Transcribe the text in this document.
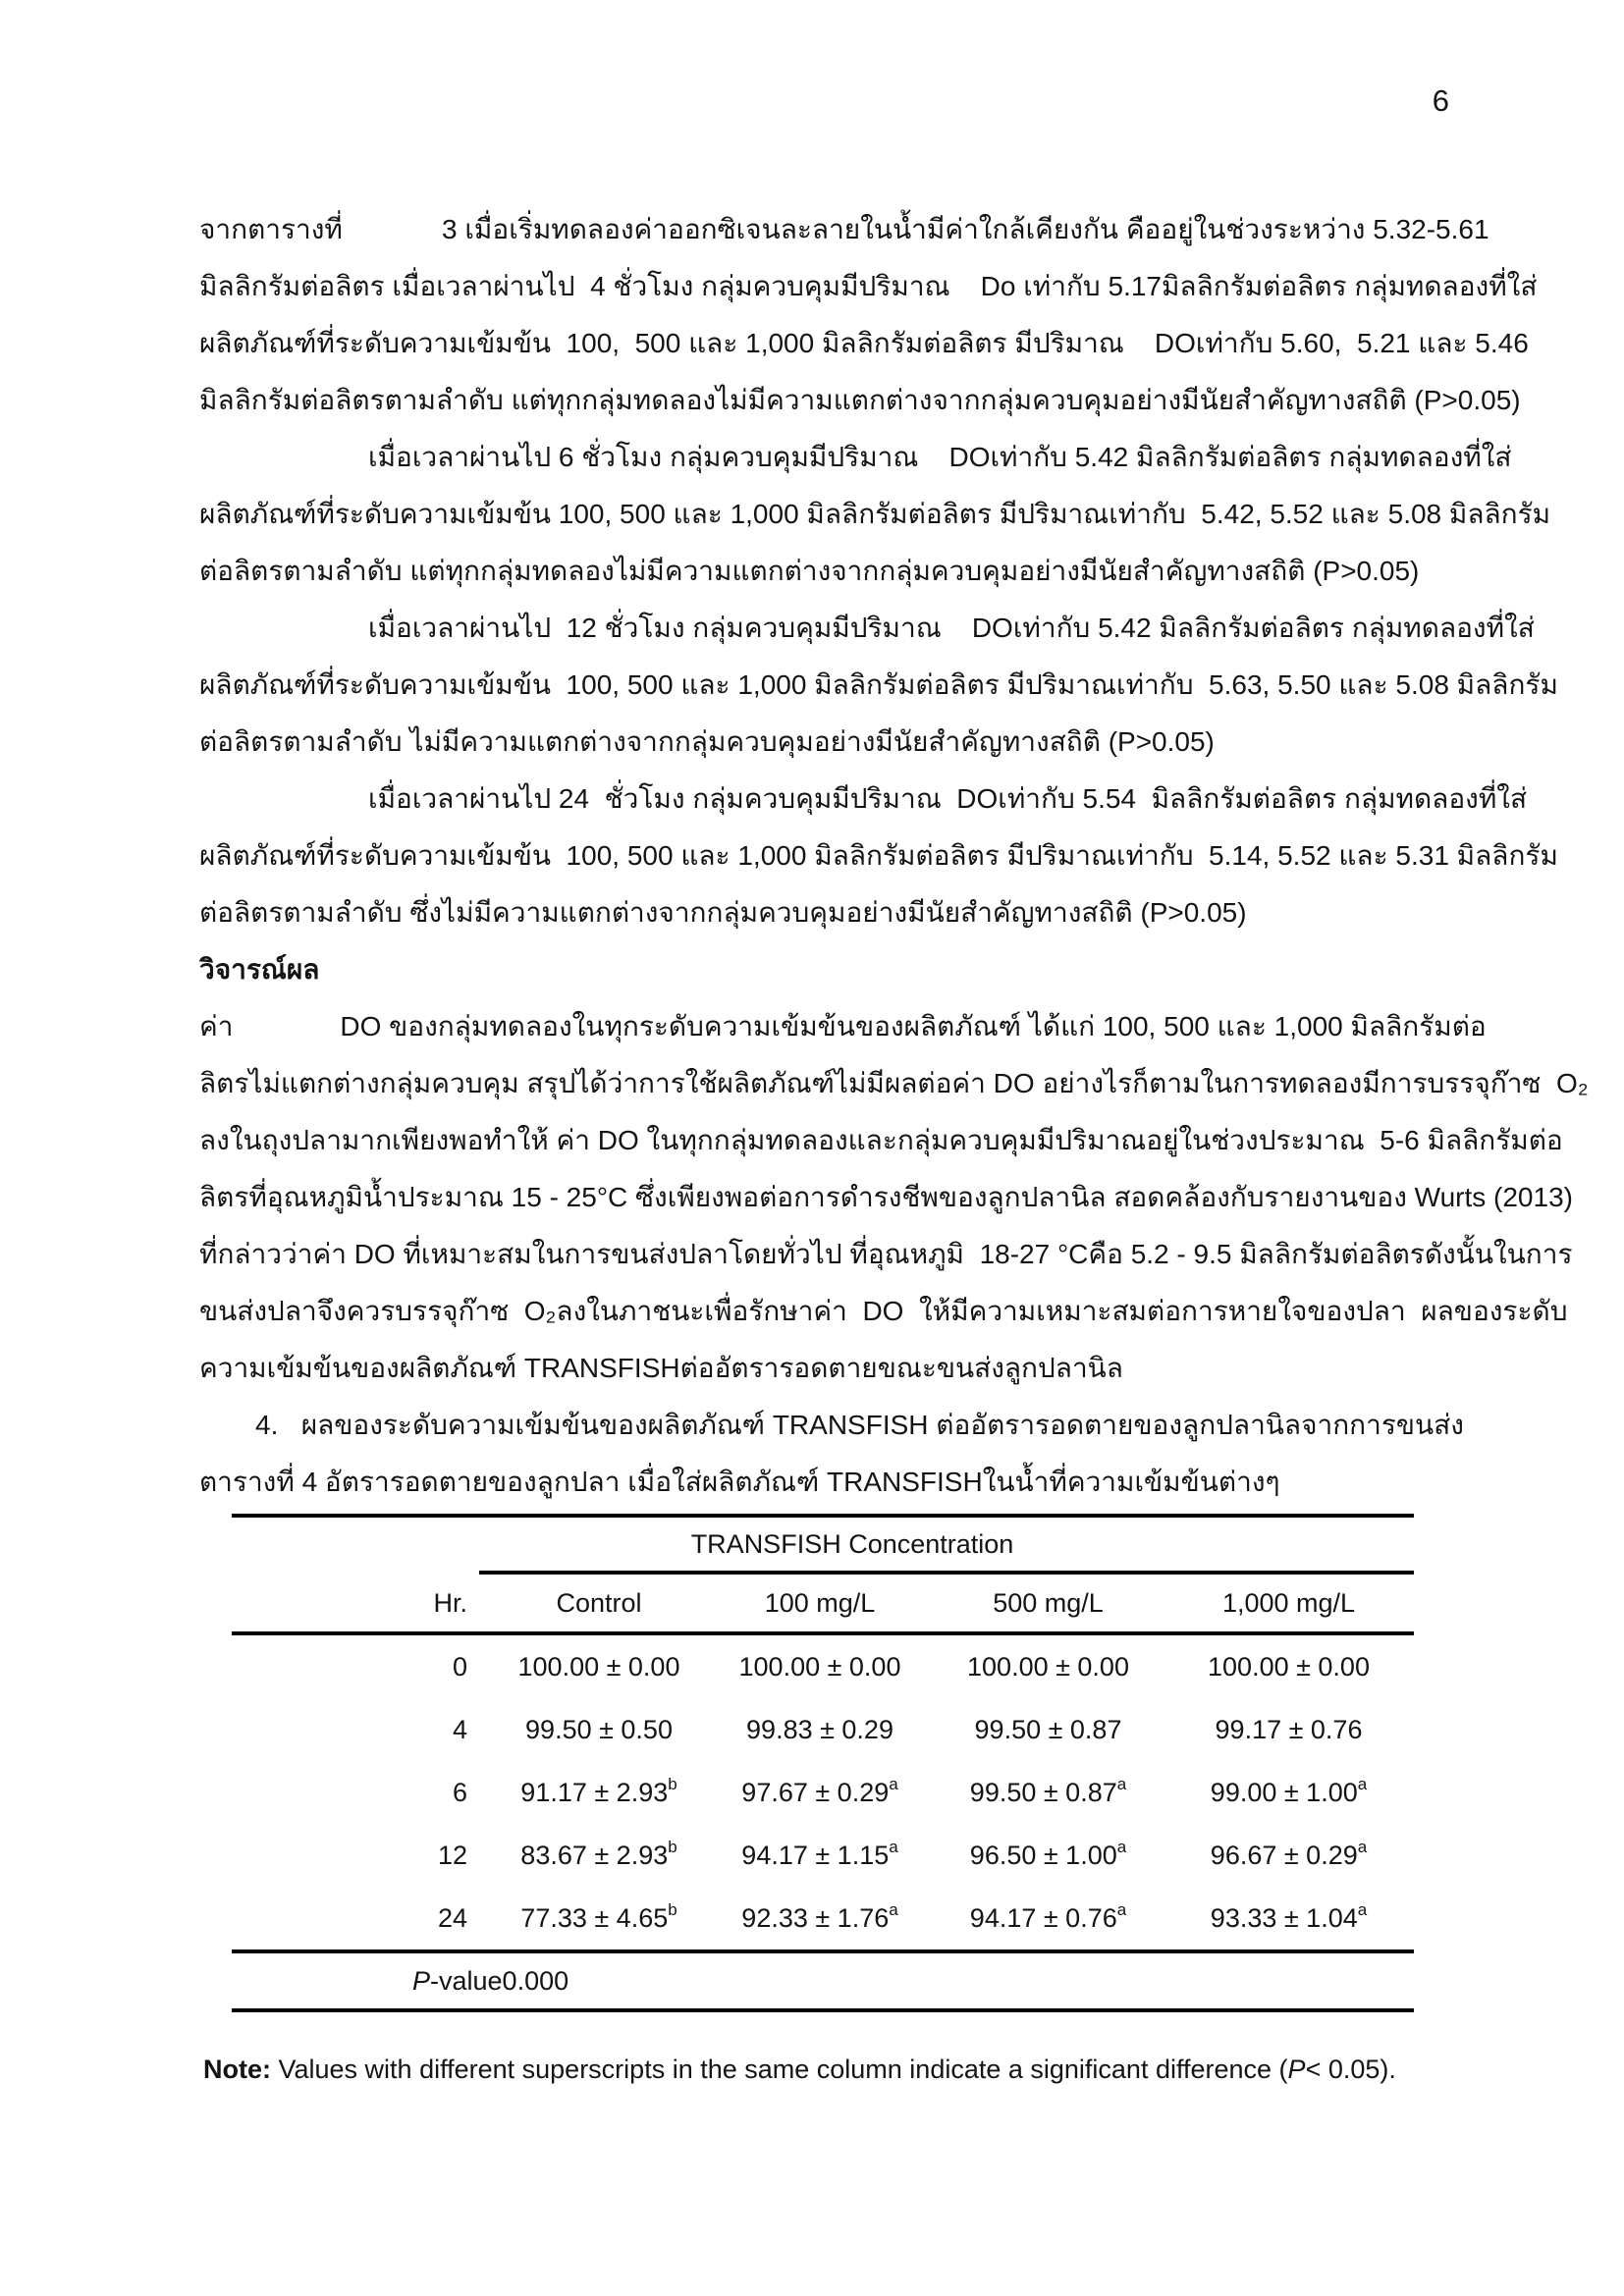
6
จากตารางที่             3 เมื่อเริ่มทดลองค่าออกซิเจนละลายในน้ำมีค่าใกล้เคียงกัน คืออยู่ในช่วงระหว่าง 5.32-5.61
มิลลิกรัมต่อลิตร เมื่อเวลาผ่านไป  4 ชั่วโมง กลุ่มควบคุมมีปริมาณ    Do เท่ากับ 5.17มิลลิกรัมต่อลิตร กลุ่มทดลองที่ใส่
ผลิตภัณฑ์ที่ระดับความเข้มข้น  100,  500 และ 1,000 มิลลิกรัมต่อลิตร มีปริมาณ    DOเท่ากับ 5.60,  5.21 และ 5.46
มิลลิกรัมต่อลิตรตามลำดับ แต่ทุกกลุ่มทดลองไม่มีความแตกต่างจากกลุ่มควบคุมอย่างมีนัยสำคัญทางสถิติ (P>0.05)
เมื่อเวลาผ่านไป 6 ชั่วโมง กลุ่มควบคุมมีปริมาณ    DOเท่ากับ 5.42 มิลลิกรัมต่อลิตร กลุ่มทดลองที่ใส่
ผลิตภัณฑ์ที่ระดับความเข้มข้น 100, 500 และ 1,000 มิลลิกรัมต่อลิตร มีปริมาณเท่ากับ  5.42, 5.52 และ 5.08 มิลลิกรัม
ต่อลิตรตามลำดับ แต่ทุกกลุ่มทดลองไม่มีความแตกต่างจากกลุ่มควบคุมอย่างมีนัยสำคัญทางสถิติ (P>0.05)
เมื่อเวลาผ่านไป  12 ชั่วโมง กลุ่มควบคุมมีปริมาณ    DOเท่ากับ 5.42 มิลลิกรัมต่อลิตร กลุ่มทดลองที่ใส่
ผลิตภัณฑ์ที่ระดับความเข้มข้น  100, 500 และ 1,000 มิลลิกรัมต่อลิตร มีปริมาณเท่ากับ  5.63, 5.50 และ 5.08 มิลลิกรัม
ต่อลิตรตามลำดับ ไม่มีความแตกต่างจากกลุ่มควบคุมอย่างมีนัยสำคัญทางสถิติ (P>0.05)
เมื่อเวลาผ่านไป 24  ชั่วโมง กลุ่มควบคุมมีปริมาณ  DOเท่ากับ 5.54  มิลลิกรัมต่อลิตร กลุ่มทดลองที่ใส่
ผลิตภัณฑ์ที่ระดับความเข้มข้น  100, 500 และ 1,000 มิลลิกรัมต่อลิตร มีปริมาณเท่ากับ  5.14, 5.52 และ 5.31 มิลลิกรัม
ต่อลิตรตามลำดับ ซึ่งไม่มีความแตกต่างจากกลุ่มควบคุมอย่างมีนัยสำคัญทางสถิติ (P>0.05)
วิจารณ์ผล
ค่า              DO ของกลุ่มทดลองในทุกระดับความเข้มข้นของผลิตภัณฑ์ ได้แก่ 100, 500 และ 1,000 มิลลิกรัมต่อ
ลิตรไม่แตกต่างกลุ่มควบคุม สรุปได้ว่าการใช้ผลิตภัณฑ์ไม่มีผลต่อค่า DO อย่างไรก็ตามในการทดลองมีการบรรจุก๊าซ  O₂
ลงในถุงปลามากเพียงพอทำให้ ค่า DO ในทุกกลุ่มทดลองและกลุ่มควบคุมมีปริมาณอยู่ในช่วงประมาณ  5-6 มิลลิกรัมต่อ
ลิตรที่อุณหภูมิน้ำประมาณ 15 - 25°C ซึ่งเพียงพอต่อการดำรงชีพของลูกปลานิล สอดคล้องกับรายงานของ Wurts (2013)
ที่กล่าวว่าค่า DO ที่เหมาะสมในการขนส่งปลาโดยทั่วไป ที่อุณหภูมิ  18-27 °Cคือ 5.2 - 9.5 มิลลิกรัมต่อลิตรดังนั้นในการ
ขนส่งปลาจึงควรบรรจุก๊าซ  O₂ลงในภาชนะเพื่อรักษาค่า  DO  ให้มีความเหมาะสมต่อการหายใจของปลา  ผลของระดับ
ความเข้มข้นของผลิตภัณฑ์ TRANSFISHต่ออัตรารอดตายขณะขนส่งลูกปลานิล
4.   ผลของระดับความเข้มข้นของผลิตภัณฑ์ TRANSFISH ต่ออัตรารอดตายของลูกปลานิลจากการขนส่ง
ตารางที่ 4 อัตรารอดตายของลูกปลา เมื่อใส่ผลิตภัณฑ์ TRANSFISHในน้ำที่ความเข้มข้นต่างๆ
TRANSFISH Concentration
Hr.	Control	100 mg/L	500 mg/L	1,000 mg/L
0	100.00 ± 0.00	100.00 ± 0.00	100.00 ± 0.00	100.00 ± 0.00
4	99.50 ± 0.50	99.83 ± 0.29	99.50 ± 0.87	99.17 ± 0.76
6	91.17 ± 2.93$^b$	97.67 ± 0.29$^a$	99.50 ± 0.87$^a$	99.00 ± 1.00$^a$
12	83.67 ± 2.93$^b$	94.17 ± 1.15$^a$	96.50 ± 1.00$^a$	96.67 ± 0.29$^a$
24	77.33 ± 4.65$^b$	92.33 ± 1.76$^a$	94.17 ± 0.76$^a$	93.33 ± 1.04$^a$
P-value0.000
Note: Values with different superscripts in the same column indicate a significant difference (P< 0.05).
